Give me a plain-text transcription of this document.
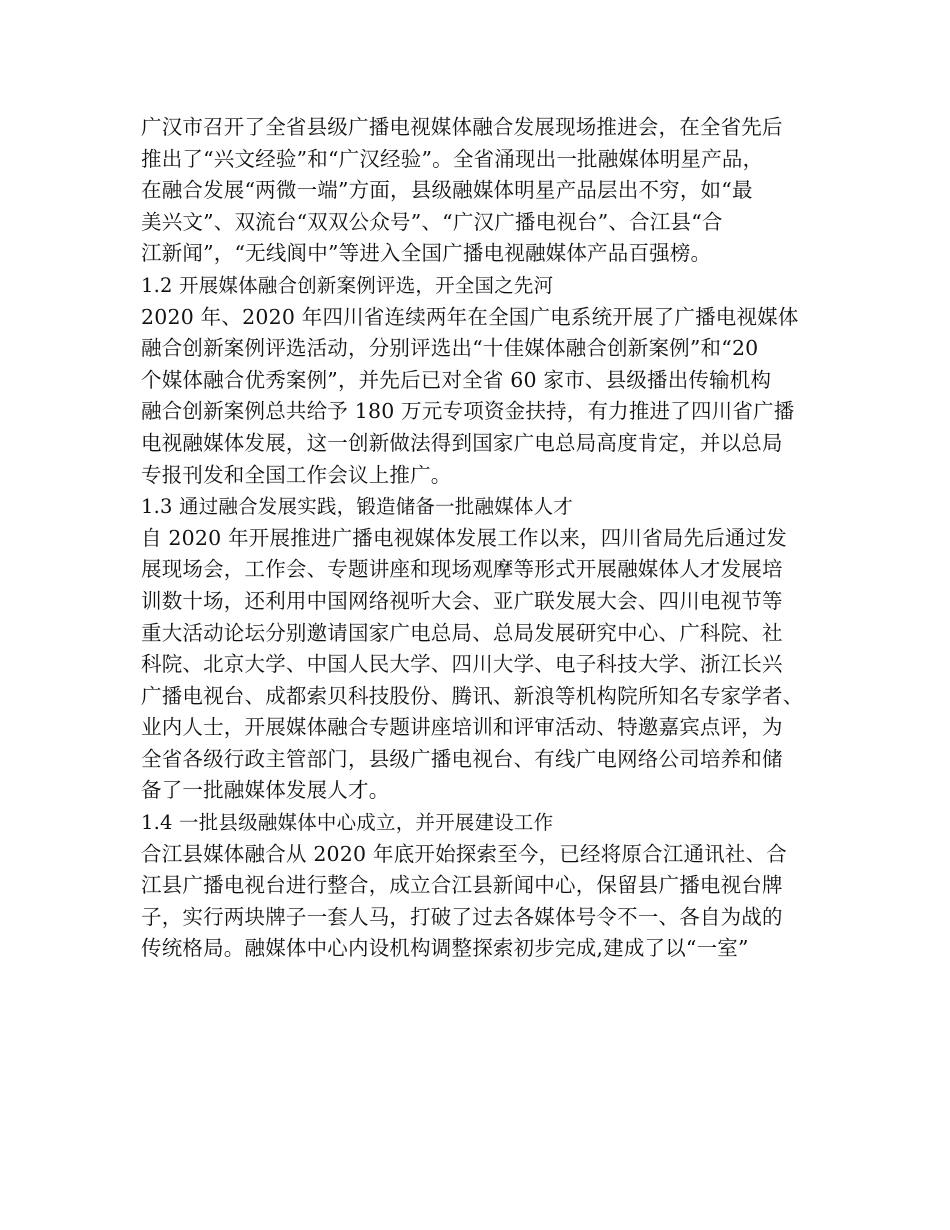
广汉市召开了全省县级广播电视媒体融合发展现场推进会，在全省先后
推出了“兴文经验”和“广汉经验”。全省涌现出一批融媒体明星产品，
在融合发展“两微一端”方面，县级融媒体明星产品层出不穷，如“最
美兴文”、双流台“双双公众号”、“广汉广播电视台”、合江县“合
江新闻”，“无线阆中”等进入全国广播电视融媒体产品百强榜。
1.2 开展媒体融合创新案例评选，开全国之先河
2020 年、2020 年四川省连续两年在全国广电系统开展了广播电视媒体
融合创新案例评选活动，分别评选出“十佳媒体融合创新案例”和“20
个媒体融合优秀案例”，并先后已对全省 60 家市、县级播出传输机构
融合创新案例总共给予 180 万元专项资金扶持，有力推进了四川省广播
电视融媒体发展，这一创新做法得到国家广电总局高度肯定，并以总局
专报刊发和全国工作会议上推广。
1.3 通过融合发展实践，锻造储备一批融媒体人才
自 2020 年开展推进广播电视媒体发展工作以来，四川省局先后通过发
展现场会，工作会、专题讲座和现场观摩等形式开展融媒体人才发展培
训数十场，还利用中国网络视听大会、亚广联发展大会、四川电视节等
重大活动论坛分别邀请国家广电总局、总局发展研究中心、广科院、社
科院、北京大学、中国人民大学、四川大学、电子科技大学、浙江长兴
广播电视台、成都索贝科技股份、腾讯、新浪等机构院所知名专家学者、
业内人士，开展媒体融合专题讲座培训和评审活动、特邀嘉宾点评，为
全省各级行政主管部门，县级广播电视台、有线广电网络公司培养和储
备了一批融媒体发展人才。
1.4 一批县级融媒体中心成立，并开展建设工作
合江县媒体融合从 2020 年底开始探索至今，已经将原合江通讯社、合
江县广播电视台进行整合，成立合江县新闻中心，保留县广播电视台牌
子，实行两块牌子一套人马，打破了过去各媒体号令不一、各自为战的
传统格局。融媒体中心内设机构调整探索初步完成,建成了以“一室”
